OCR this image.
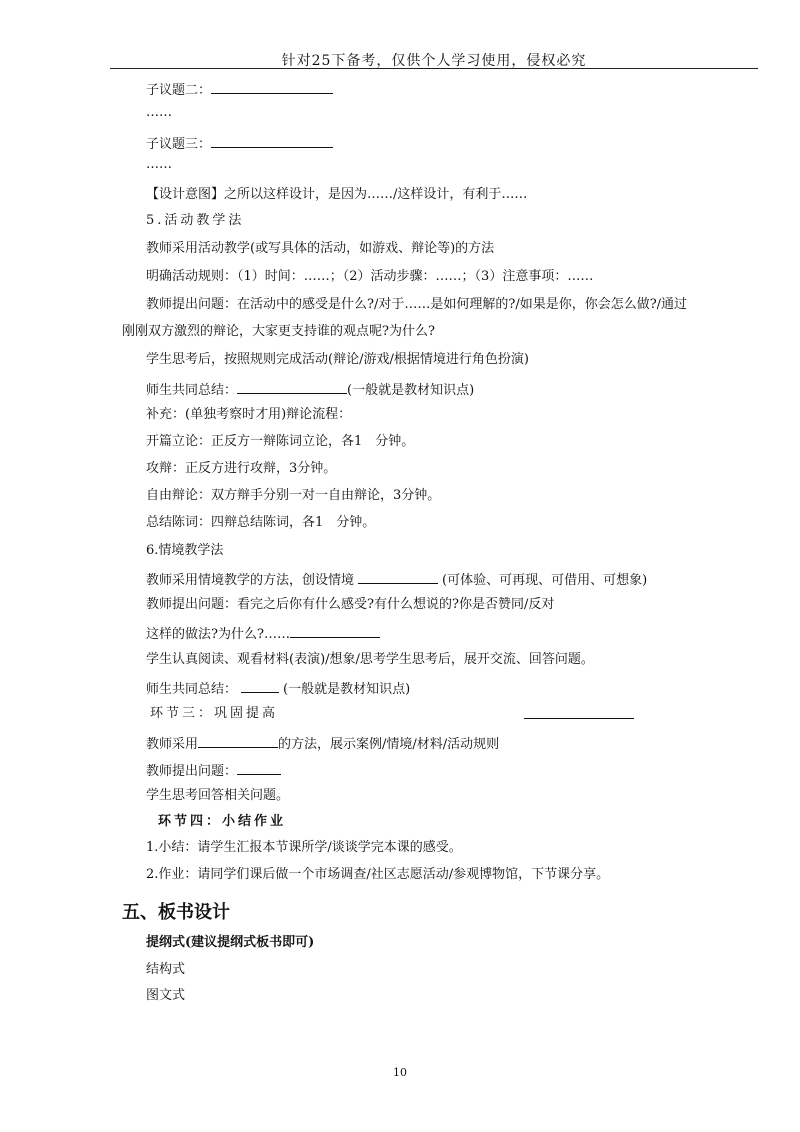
针对25下备考，仅供个人学习使用，侵权必究
子议题二：
……
子议题三：
……
【设计意图】之所以这样设计，是因为……/这样设计，有利于……
5.活动教学法
教师采用活动教学(或写具体的活动，如游戏、辩论等)的方法
明确活动规则：（1）时间：……；（2）活动步骤：……；（3）注意事项：……
教师提出问题：在活动中的感受是什么?/对于……是如何理解的?/如果是你，你会怎么做?/通过
刚刚双方激烈的辩论，大家更支持谁的观点呢?为什么?
学生思考后，按照规则完成活动(辩论/游戏/根据情境进行角色扮演)
师生共同总结：	(一般就是教材知识点)
补充：(单独考察时才用)辩论流程：
开篇立论：正反方一辩陈词立论，各1　分钟。
攻辩：正反方进行攻辩，3分钟。
自由辩论：双方辩手分别一对一自由辩论，3分钟。
总结陈词：四辩总结陈词，各1　分钟。
6.情境教学法
教师采用情境教学的方法，创设情境	(可体验、可再现、可借用、可想象)
教师提出问题：看完之后你有什么感受?有什么想说的?你是否赞同/反对
这样的做法?为什么?……
学生认真阅读、观看材料(表演)/想象/思考学生思考后，展开交流、回答问题。
师生共同总结：	(一般就是教材知识点)
环节三：巩固提高
教师采用	的方法，展示案例/情境/材料/活动规则
教师提出问题：
学生思考回答相关问题。
环节四：小结作业
1.小结：请学生汇报本节课所学/谈谈学完本课的感受。
2.作业：请同学们课后做一个市场调查/社区志愿活动/参观博物馆，下节课分享。
五、板书设计
提纲式(建议提纲式板书即可)
结构式
图文式
10
